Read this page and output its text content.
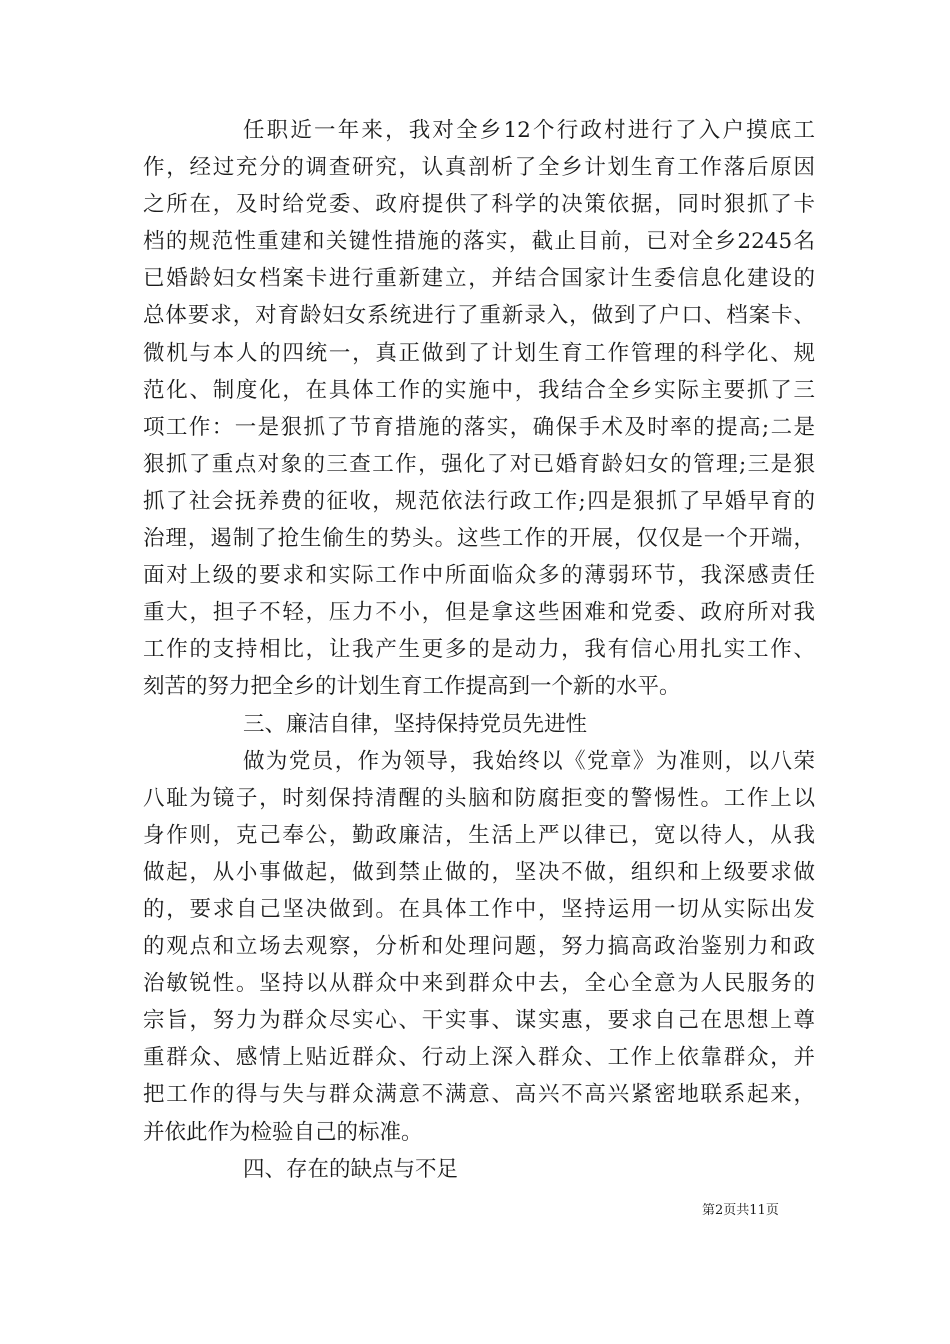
任职近一年来，我对全乡12个行政村进行了入户摸底工
作，经过充分的调查研究，认真剖析了全乡计划生育工作落后原因
之所在，及时给党委、政府提供了科学的决策依据，同时狠抓了卡
档的规范性重建和关键性措施的落实，截止目前，已对全乡2245名
已婚龄妇女档案卡进行重新建立，并结合国家计生委信息化建设的
总体要求，对育龄妇女系统进行了重新录入，做到了户口、档案卡、
微机与本人的四统一，真正做到了计划生育工作管理的科学化、规
范化、制度化，在具体工作的实施中，我结合全乡实际主要抓了三
项工作：一是狠抓了节育措施的落实，确保手术及时率的提高;二是
狠抓了重点对象的三查工作，强化了对已婚育龄妇女的管理;三是狠
抓了社会抚养费的征收，规范依法行政工作;四是狠抓了早婚早育的
治理，遏制了抢生偷生的势头。这些工作的开展，仅仅是一个开端，
面对上级的要求和实际工作中所面临众多的薄弱环节，我深感责任
重大，担子不轻，压力不小，但是拿这些困难和党委、政府所对我
工作的支持相比，让我产生更多的是动力，我有信心用扎实工作、
刻苦的努力把全乡的计划生育工作提高到一个新的水平。
三、廉洁自律，坚持保持党员先进性
做为党员，作为领导，我始终以《党章》为准则，以八荣
八耻为镜子，时刻保持清醒的头脑和防腐拒变的警惕性。工作上以
身作则，克己奉公，勤政廉洁，生活上严以律已，宽以待人，从我
做起，从小事做起，做到禁止做的，坚决不做，组织和上级要求做
的，要求自己坚决做到。在具体工作中，坚持运用一切从实际出发
的观点和立场去观察，分析和处理问题，努力搞高政治鉴别力和政
治敏锐性。坚持以从群众中来到群众中去，全心全意为人民服务的
宗旨，努力为群众尽实心、干实事、谋实惠，要求自己在思想上尊
重群众、感情上贴近群众、行动上深入群众、工作上依靠群众，并
把工作的得与失与群众满意不满意、高兴不高兴紧密地联系起来，
并依此作为检验自己的标准。
四、存在的缺点与不足
第2页共11页
